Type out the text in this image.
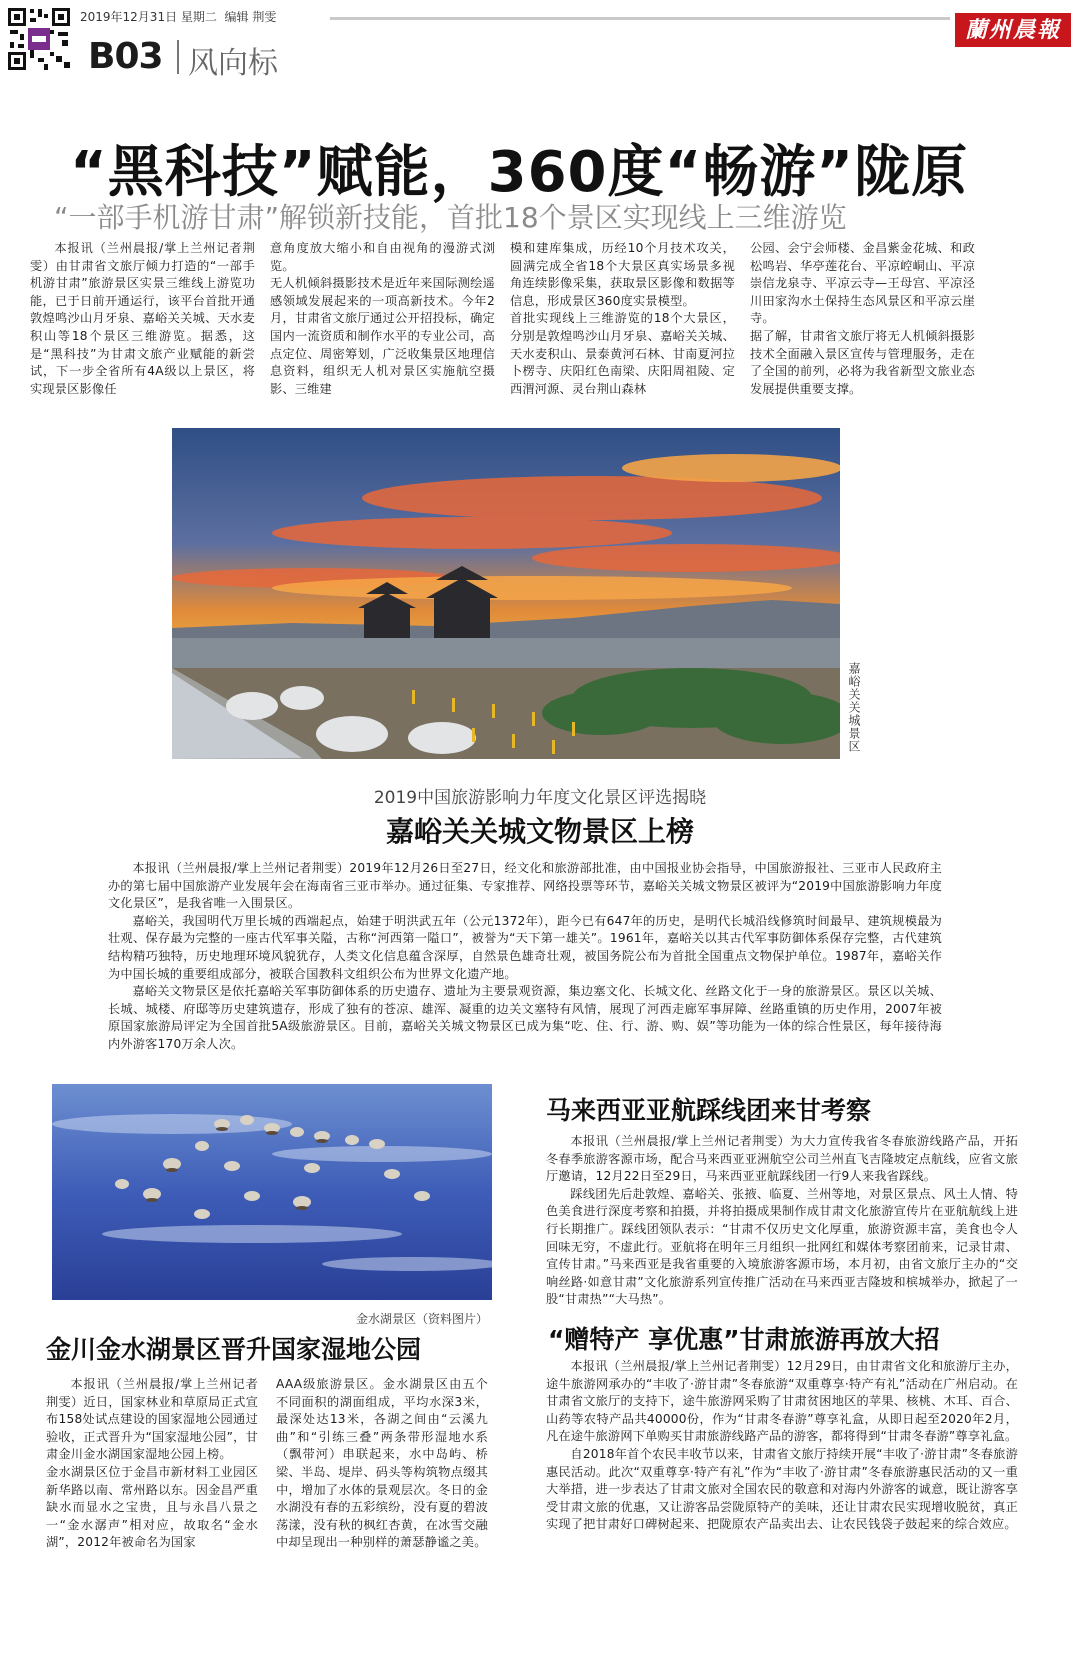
2019年12月31日 星期二 编辑 荆雯
B03 风向标
蘭州晨報
“黑科技”赋能，360度“畅游”陇原
“一部手机游甘肃”解锁新技能，首批18个景区实现线上三维游览

本报讯（兰州晨报/掌上兰州记者荆雯）由甘肃省文旅厅倾力打造的“一部手机游甘肃”旅游景区实景三维线上游览功能，已于日前开通运行，该平台首批开通敦煌鸣沙山月牙泉、嘉峪关关城、天水麦积山等18个景区三维游览。据悉，这是“黑科技”为甘肃文旅产业赋能的新尝试，下一步全省所有4A级以上景区，将实现景区影像任

意角度放大缩小和自由视角的漫游式浏览。
无人机倾斜摄影技术是近年来国际测绘遥感领域发展起来的一项高新技术。今年2月，甘肃省文旅厅通过公开招投标，确定国内一流资质和制作水平的专业公司，高点定位、周密筹划，广泛收集景区地理信息资料，组织无人机对景区实施航空摄影、三维建

模和建库集成，历经10个月技术攻关，圆满完成全省18个大景区真实场景多视角连续影像采集，获取景区影像和数据等信息，形成景区360度实景模型。
首批实现线上三维游览的18个大景区，分别是敦煌鸣沙山月牙泉、嘉峪关关城、天水麦积山、景泰黄河石林、甘南夏河拉卜楞寺、庆阳红色南梁、庆阳周祖陵、定西渭河源、灵台荆山森林

公园、会宁会师楼、金昌紫金花城、和政松鸣岩、华亭莲花台、平凉崆峒山、平凉崇信龙泉寺、平凉云寺—王母宫、平凉泾川田家沟水土保持生态风景区和平凉云崖寺。
据了解，甘肃省文旅厅将无人机倾斜摄影技术全面融入景区宣传与管理服务，走在了全国的前列，必将为我省新型文旅业态发展提供重要支撑。

嘉峪关关城景区
2019中国旅游影响力年度文化景区评选揭晓
嘉峪关关城文物景区上榜

本报讯（兰州晨报/掌上兰州记者荆雯）2019年12月26日至27日，经文化和旅游部批准，由中国报业协会指导，中国旅游报社、三亚市人民政府主办的第七届中国旅游产业发展年会在海南省三亚市举办。通过征集、专家推荐、网络投票等环节，嘉峪关关城文物景区被评为“2019中国旅游影响力年度文化景区”，是我省唯一入围景区。

嘉峪关，我国明代万里长城的西端起点，始建于明洪武五年（公元1372年），距今已有647年的历史，是明代长城沿线修筑时间最早、建筑规模最为壮观、保存最为完整的一座古代军事关隘，古称“河西第一隘口”，被誉为“天下第一雄关”。1961年，嘉峪关以其古代军事防御体系保存完整，古代建筑结构精巧独特，历史地理环境风貌犹存，人类文化信息蕴含深厚，自然景色雄奇壮观，被国务院公布为首批全国重点文物保护单位。1987年，嘉峪关作为中国长城的重要组成部分，被联合国教科文组织公布为世界文化遗产地。

嘉峪关文物景区是依托嘉峪关军事防御体系的历史遗存、遗址为主要景观资源，集边塞文化、长城文化、丝路文化于一身的旅游景区。景区以关城、长城、城楼、府邸等历史建筑遗存，形成了独有的苍凉、雄浑、凝重的边关文塞特有风情，展现了河西走廊军事屏障、丝路重镇的历史作用，2007年被原国家旅游局评定为全国首批5A级旅游景区。目前，嘉峪关关城文物景区已成为集“吃、住、行、游、购、娱”等功能为一体的综合性景区，每年接待海内外游客170万余人次。

金水湖景区（资料图片）
金川金水湖景区晋升国家湿地公园

本报讯（兰州晨报/掌上兰州记者荆雯）近日，国家林业和草原局正式宣布158处试点建设的国家湿地公园通过验收，正式晋升为“国家湿地公园”，甘肃金川金水湖国家湿地公园上榜。
金水湖景区位于金昌市新材料工业园区新华路以南、常州路以东。因金昌严重缺水而显水之宝贵，且与永昌八景之一“金水潺声”相对应，故取名“金水湖”，2012年被命名为国家

AAA级旅游景区。金水湖景区由五个不同面积的湖面组成，平均水深3米，最深处达13米，各湖之间由“云溪九曲”和“引练三叠”两条带形湿地水系（飘带河）串联起来，水中岛屿、桥梁、半岛、堤岸、码头等构筑物点缀其中，增加了水体的景观层次。冬日的金水湖没有春的五彩缤纷，没有夏的碧波荡漾，没有秋的枫红杏黄，在冰雪交融中却呈现出一种别样的萧瑟静谧之美。

马来西亚亚航踩线团来甘考察

本报讯（兰州晨报/掌上兰州记者荆雯）为大力宣传我省冬春旅游线路产品，开拓冬春季旅游客源市场，配合马来西亚亚洲航空公司兰州直飞吉隆坡定点航线，应省文旅厅邀请，12月22日至29日，马来西亚亚航踩线团一行9人来我省踩线。

踩线团先后赴敦煌、嘉峪关、张掖、临夏、兰州等地，对景区景点、风土人情、特色美食进行深度考察和拍摄，并将拍摄成果制作成甘肃文化旅游宣传片在亚航航线上进行长期推广。踩线团领队表示：“甘肃不仅历史文化厚重，旅游资源丰富，美食也令人回味无穷，不虚此行。亚航将在明年三月组织一批网红和媒体考察团前来，记录甘肃、宣传甘肃。”马来西亚是我省重要的入境旅游客源市场，本月初，由省文旅厅主办的“交响丝路·如意甘肃”文化旅游系列宣传推广活动在马来西亚吉隆坡和槟城举办，掀起了一股“甘肃热”“大马热”。

“赠特产 享优惠”甘肃旅游再放大招

本报讯（兰州晨报/掌上兰州记者荆雯）12月29日，由甘肃省文化和旅游厅主办，途牛旅游网承办的“丰收了·游甘肃”冬春旅游“双重尊享·特产有礼”活动在广州启动。在甘肃省文旅厅的支持下，途牛旅游网采购了甘肃贫困地区的苹果、核桃、木耳、百合、山药等农特产品共40000份，作为“甘肃冬春游”尊享礼盒，从即日起至2020年2月，凡在途牛旅游网下单购买甘肃旅游线路产品的游客，都将得到“甘肃冬春游”尊享礼盒。

自2018年首个农民丰收节以来，甘肃省文旅厅持续开展“丰收了·游甘肃”冬春旅游惠民活动。此次“双重尊享·特产有礼”作为“丰收了·游甘肃”冬春旅游惠民活动的又一重大举措，进一步表达了甘肃文旅对全国农民的敬意和对海内外游客的诚意，既让游客享受甘肃文旅的优惠，又让游客品尝陇原特产的美味，还让甘肃农民实现增收脱贫，真正实现了把甘肃好口碑树起来、把陇原农产品卖出去、让农民钱袋子鼓起来的综合效应。
